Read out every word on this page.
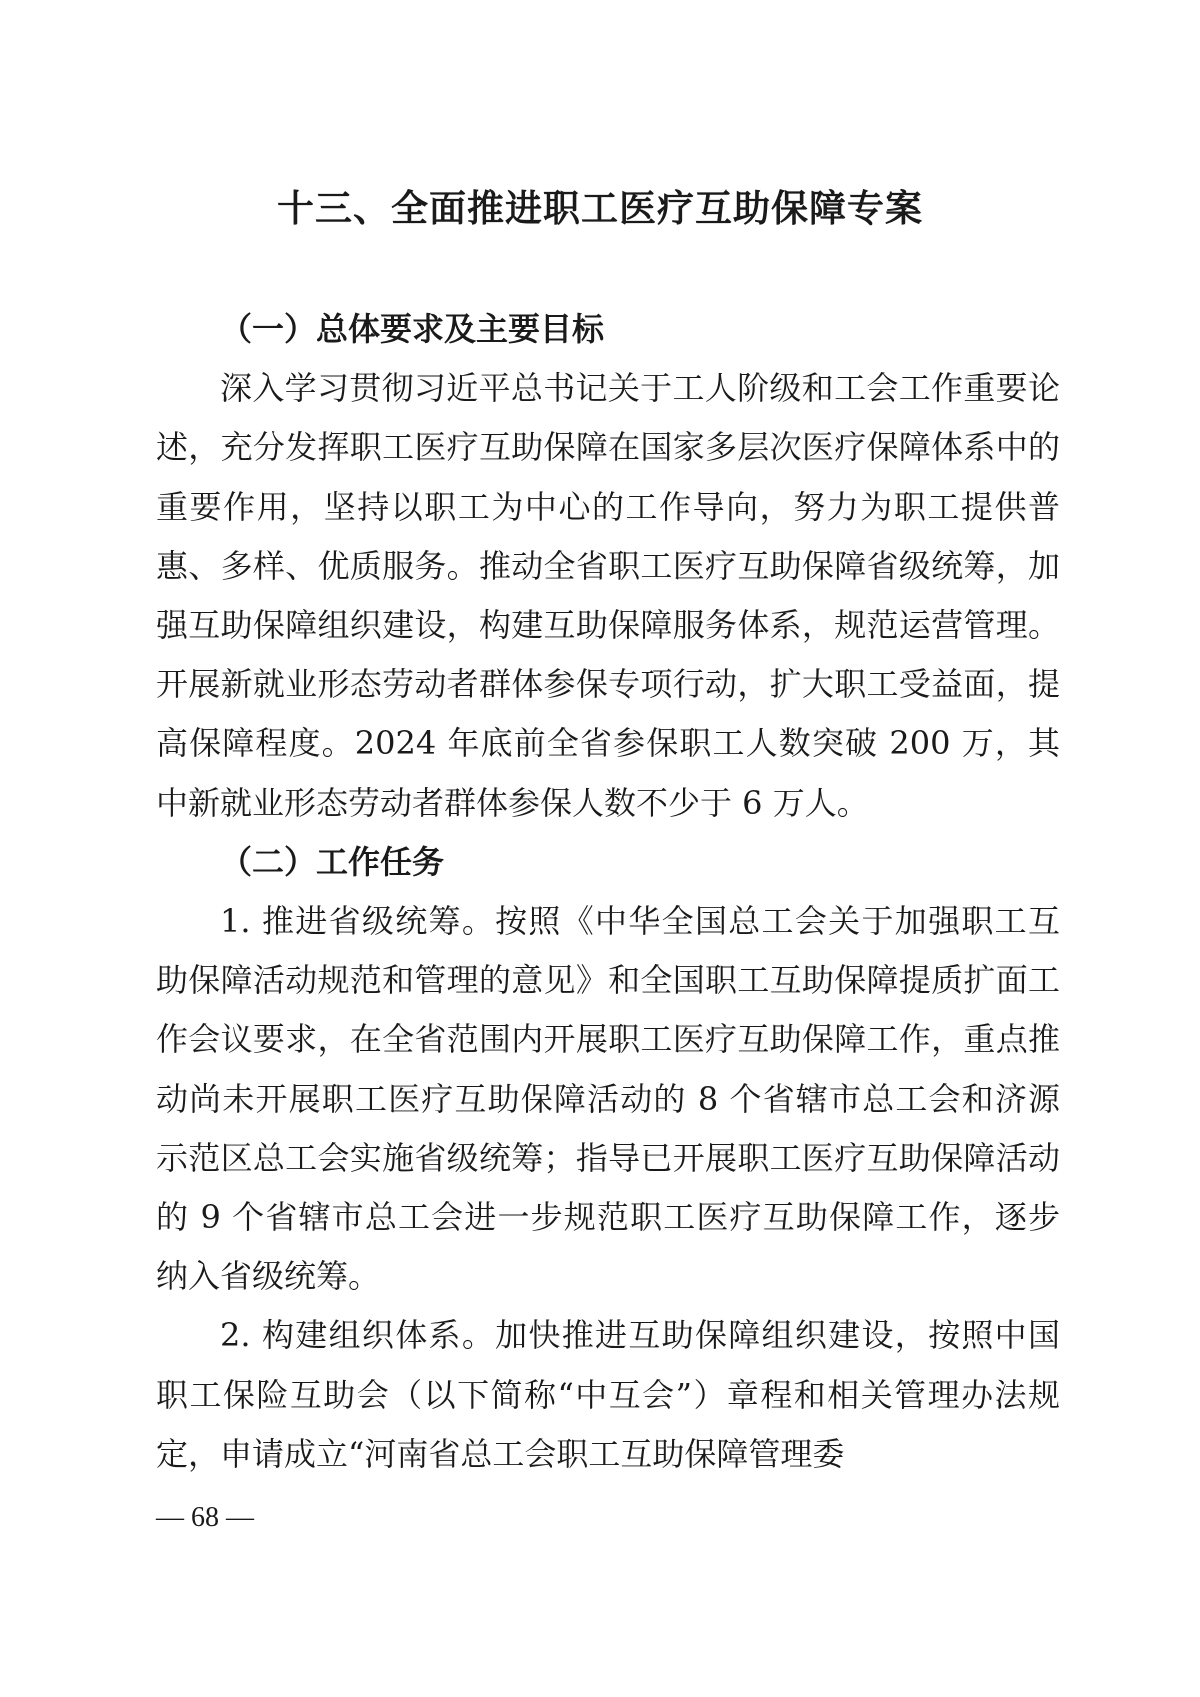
十三、全面推进职工医疗互助保障专案
（一）总体要求及主要目标

深入学习贯彻习近平总书记关于工人阶级和工会工作重要论述，充分发挥职工医疗互助保障在国家多层次医疗保障体系中的重要作用，坚持以职工为中心的工作导向，努力为职工提供普惠、多样、优质服务。推动全省职工医疗互助保障省级统筹，加强互助保障组织建设，构建互助保障服务体系，规范运营管理。开展新就业形态劳动者群体参保专项行动，扩大职工受益面，提高保障程度。2024 年底前全省参保职工人数突破 200 万，其中新就业形态劳动者群体参保人数不少于 6 万人。

（二）工作任务

1. 推进省级统筹。按照《中华全国总工会关于加强职工互助保障活动规范和管理的意见》和全国职工互助保障提质扩面工作会议要求，在全省范围内开展职工医疗互助保障工作，重点推动尚未开展职工医疗互助保障活动的 8 个省辖市总工会和济源示范区总工会实施省级统筹；指导已开展职工医疗互助保障活动的 9 个省辖市总工会进一步规范职工医疗互助保障工作，逐步纳入省级统筹。

2. 构建组织体系。加快推进互助保障组织建设，按照中国职工保险互助会（以下简称“中互会”）章程和相关管理办法规定，申请成立“河南省总工会职工互助保障管理委

— 68 —
